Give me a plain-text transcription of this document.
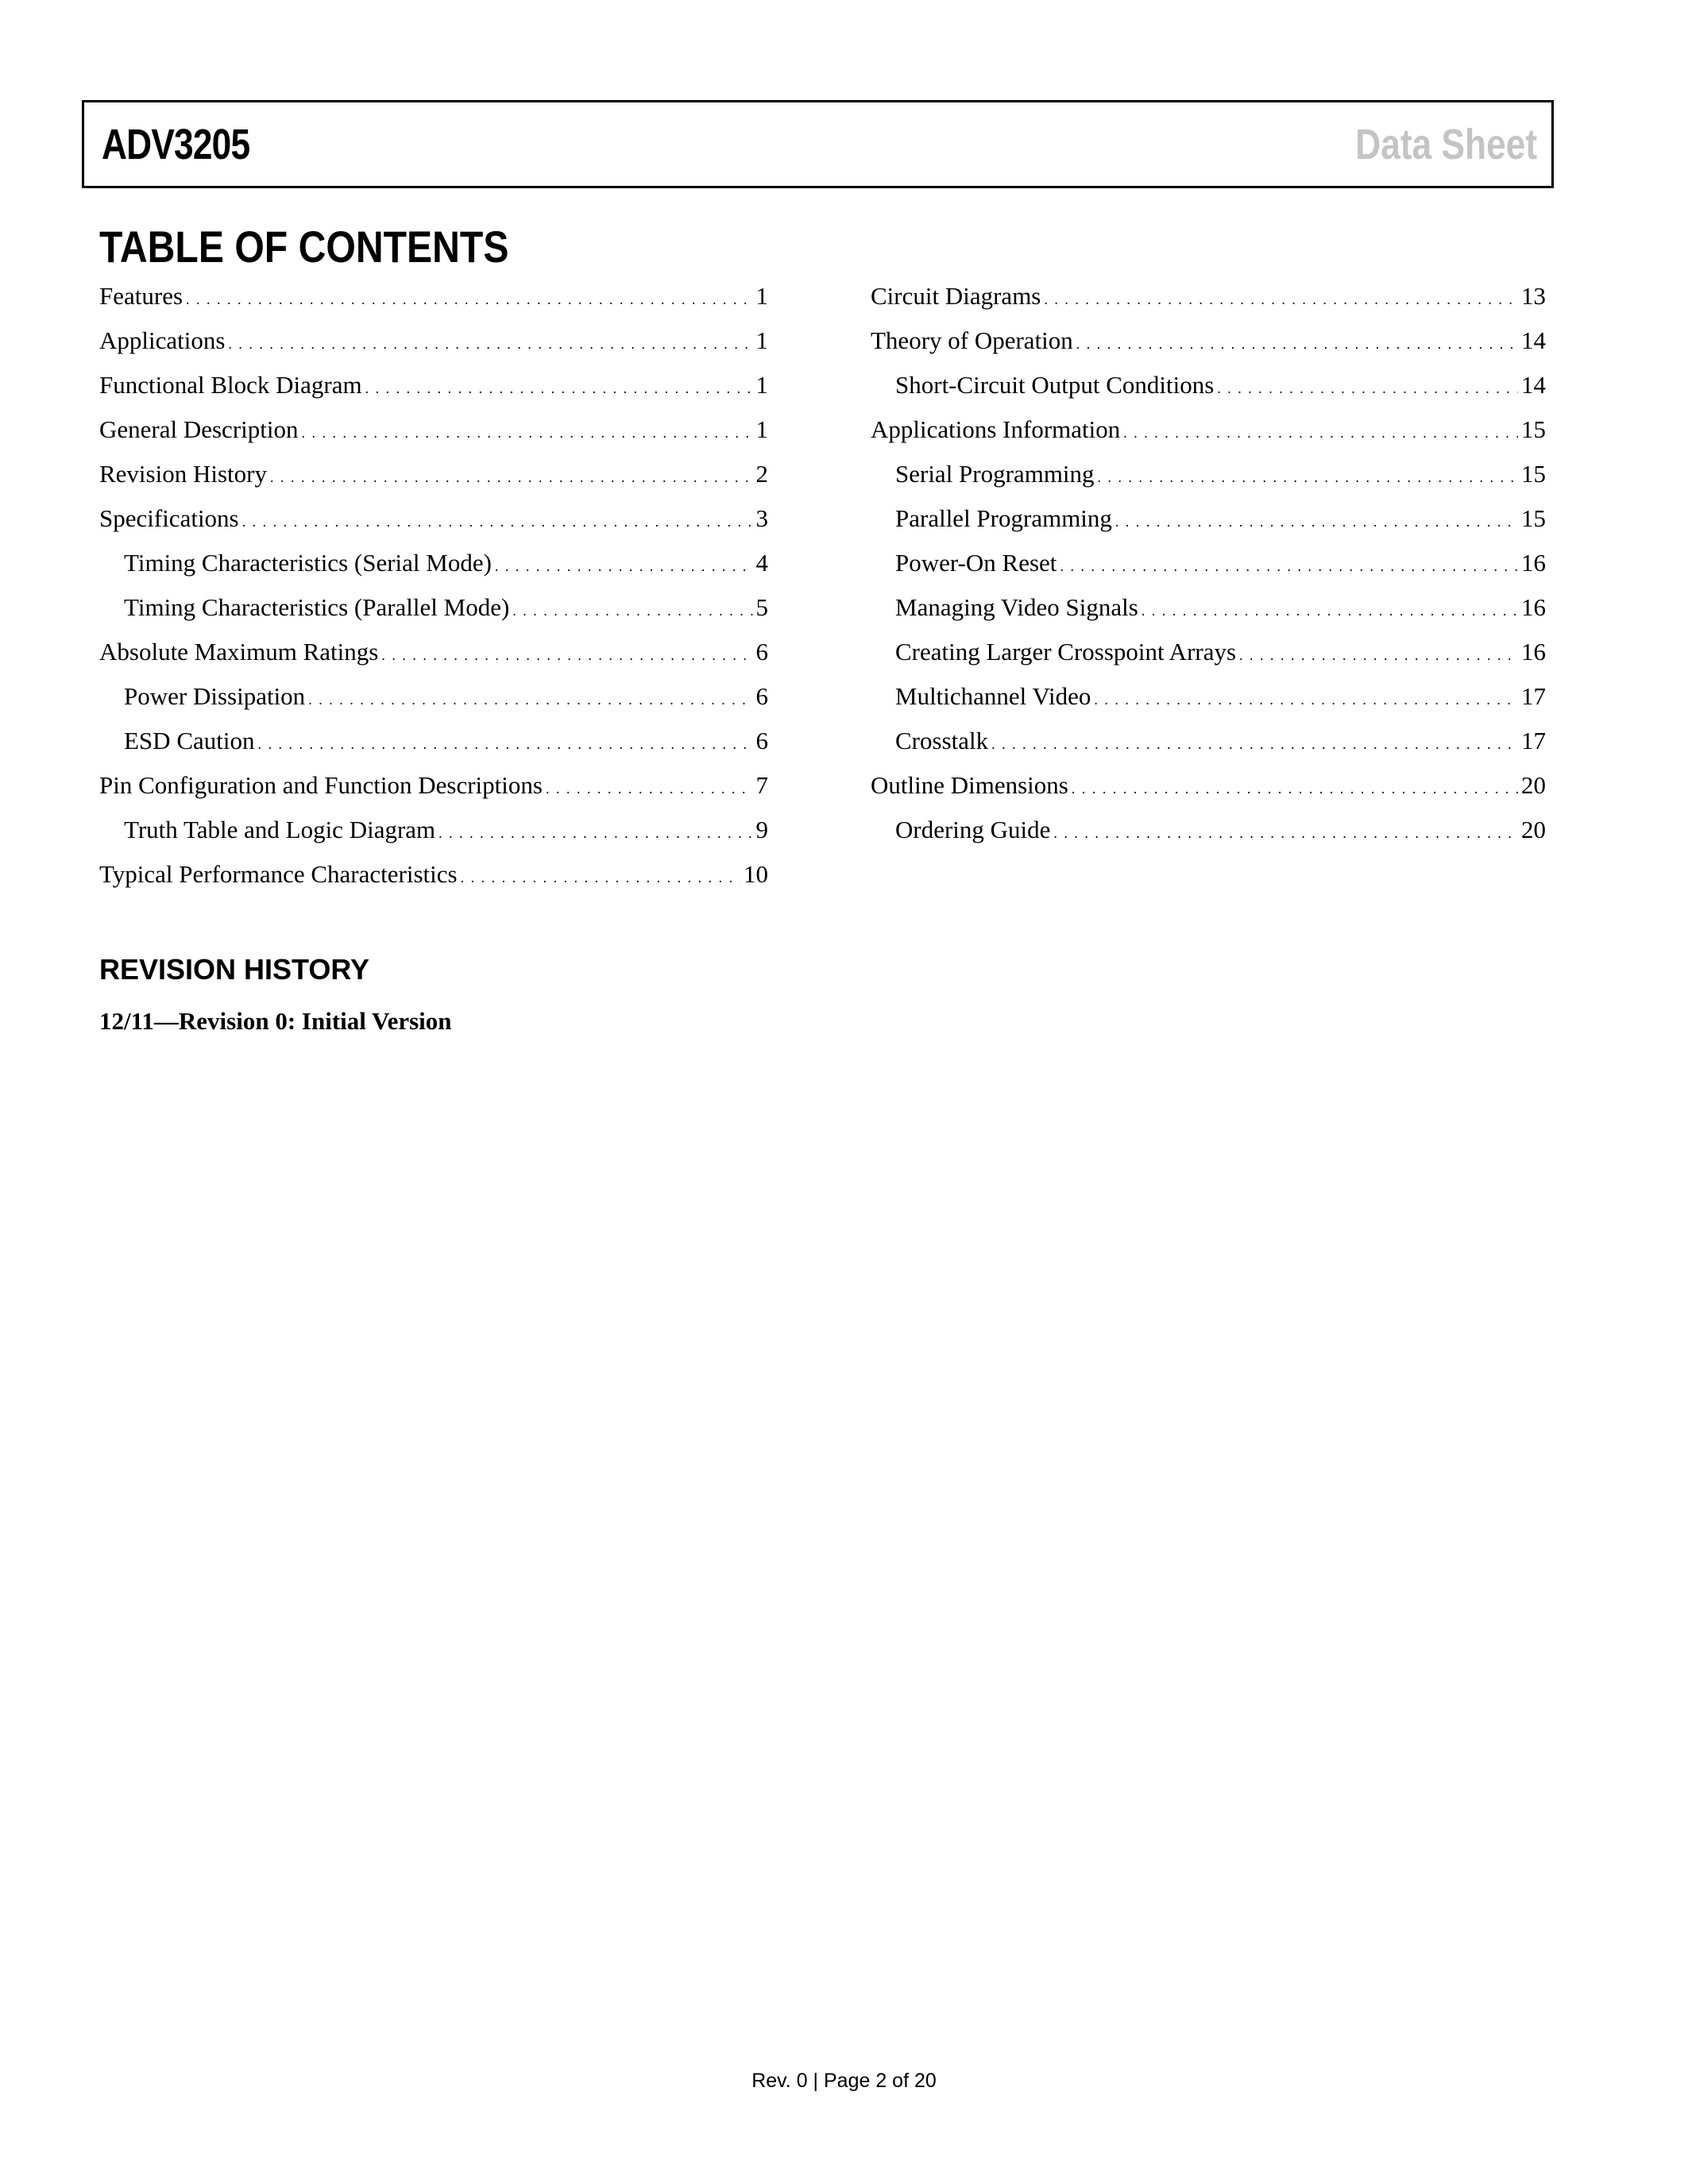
ADV3205	Data Sheet
TABLE OF CONTENTS
Features . . .	1
Applications . . .	1
Functional Block Diagram . . .	1
General Description . . .	1
Revision History . . .	2
Specifications . . .	3
Timing Characteristics (Serial Mode) . . .	4
Timing Characteristics (Parallel Mode) . . .	5
Absolute Maximum Ratings . . .	6
Power Dissipation . . .	6
ESD Caution . . .	6
Pin Configuration and Function Descriptions . . .	7
Truth Table and Logic Diagram . . .	9
Typical Performance Characteristics . . .	10
Circuit Diagrams . . .	13
Theory of Operation . . .	14
Short-Circuit Output Conditions . . .	14
Applications Information . . .	15
Serial Programming . . .	15
Parallel Programming . . .	15
Power-On Reset . . .	16
Managing Video Signals . . .	16
Creating Larger Crosspoint Arrays . . .	16
Multichannel Video . . .	17
Crosstalk . . .	17
Outline Dimensions . . .	20
Ordering Guide . . .	20
REVISION HISTORY
12/11—Revision 0: Initial Version
Rev. 0 | Page 2 of 20
